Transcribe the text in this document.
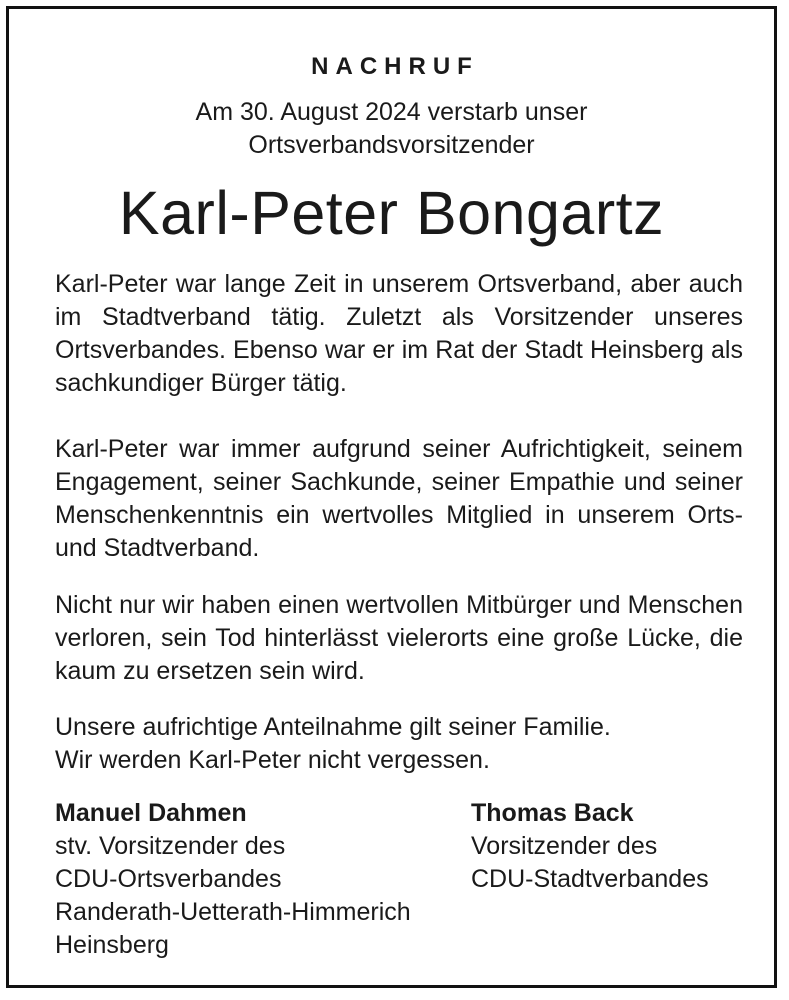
NACHRUF
Am 30. August 2024 verstarb unser
Ortsverbandsvorsitzender
Karl-Peter Bongartz

Karl-Peter war lange Zeit in unserem Ortsverband, aber auch im Stadtverband tätig. Zuletzt als Vorsitzender unseres Ortsverbandes. Ebenso war er im Rat der Stadt Heinsberg als sachkundiger Bürger tätig.

Karl-Peter war immer aufgrund seiner Aufrichtigkeit, seinem Engagement, seiner Sachkunde, seiner Empathie und seiner Menschenkenntnis ein wertvolles Mitglied in unserem Orts- und Stadtverband.

Nicht nur wir haben einen wertvollen Mitbürger und Menschen verloren, sein Tod hinterlässt vielerorts eine große Lücke, die kaum zu ersetzen sein wird.

Unsere aufrichtige Anteilnahme gilt seiner Familie.
Wir werden Karl-Peter nicht vergessen.
Manuel Dahmen
stv. Vorsitzender des
CDU-Ortsverbandes
Randerath-Uetterath-Himmerich
Heinsberg
Thomas Back
Vorsitzender des
CDU-Stadtverbandes
